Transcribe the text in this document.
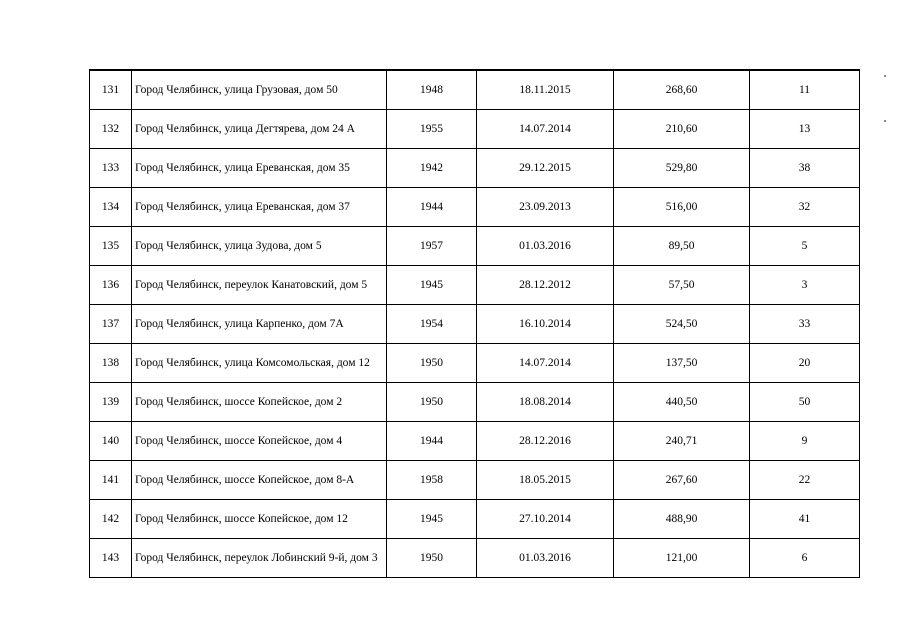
131	Город Челябинск, улица Грузовая, дом 50	1948	18.11.2015	268,60	11
132	Город Челябинск, улица Дегтярева, дом 24 А	1955	14.07.2014	210,60	13
133	Город Челябинск, улица Ереванская, дом 35	1942	29.12.2015	529,80	38
134	Город Челябинск, улица Ереванская, дом 37	1944	23.09.2013	516,00	32
135	Город Челябинск, улица Зудова, дом 5	1957	01.03.2016	89,50	5
136	Город Челябинск, переулок Канатовский, дом 5	1945	28.12.2012	57,50	3
137	Город Челябинск, улица Карпенко, дом 7А	1954	16.10.2014	524,50	33
138	Город Челябинск, улица Комсомольская, дом 12	1950	14.07.2014	137,50	20
139	Город Челябинск, шоссе Копейское, дом 2	1950	18.08.2014	440,50	50
140	Город Челябинск, шоссе Копейское, дом 4	1944	28.12.2016	240,71	9
141	Город Челябинск, шоссе Копейское, дом 8-А	1958	18.05.2015	267,60	22
142	Город Челябинск, шоссе Копейское, дом 12	1945	27.10.2014	488,90	41
143	Город Челябинск, переулок Лобинский 9-й, дом 3	1950	01.03.2016	121,00	6
